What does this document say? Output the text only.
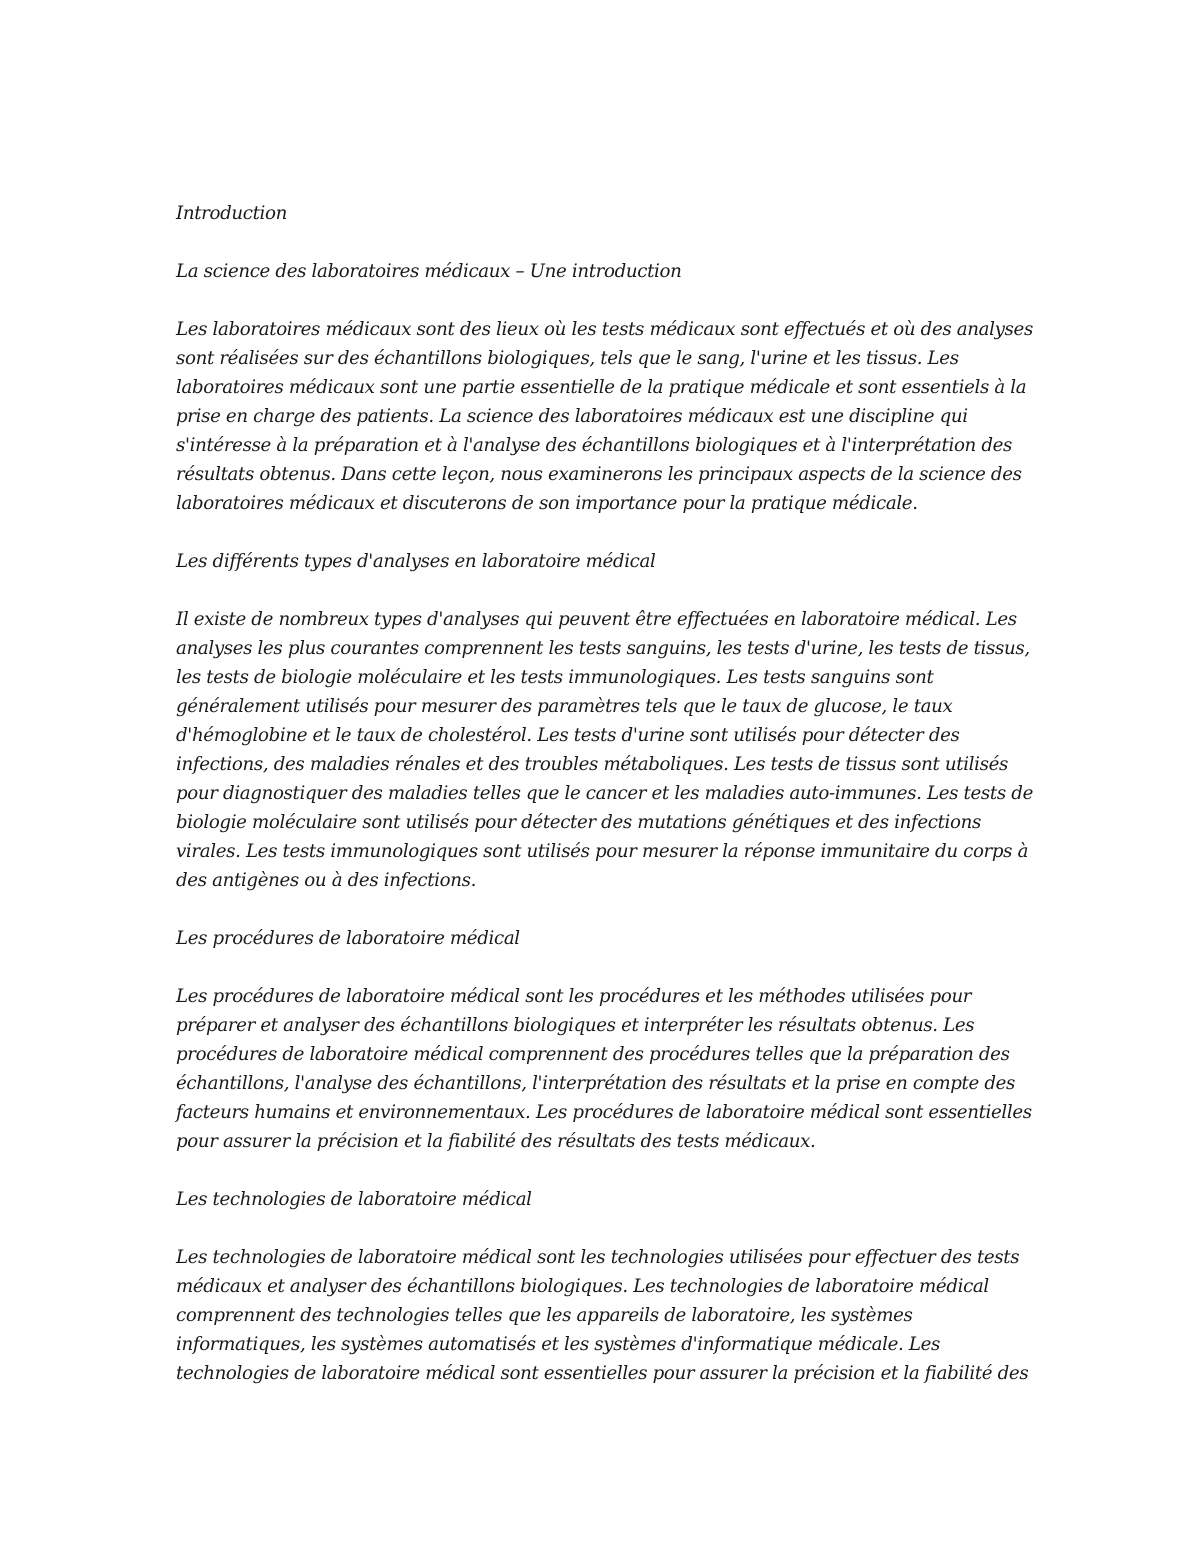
Introduction

La science des laboratoires médicaux – Une introduction

Les laboratoires médicaux sont des lieux où les tests médicaux sont effectués et où des analyses sont réalisées sur des échantillons biologiques, tels que le sang, l'urine et les tissus. Les laboratoires médicaux sont une partie essentielle de la pratique médicale et sont essentiels à la prise en charge des patients. La science des laboratoires médicaux est une discipline qui s'intéresse à la préparation et à l'analyse des échantillons biologiques et à l'interprétation des résultats obtenus. Dans cette leçon, nous examinerons les principaux aspects de la science des laboratoires médicaux et discuterons de son importance pour la pratique médicale.

Les différents types d'analyses en laboratoire médical

Il existe de nombreux types d'analyses qui peuvent être effectuées en laboratoire médical. Les analyses les plus courantes comprennent les tests sanguins, les tests d'urine, les tests de tissus, les tests de biologie moléculaire et les tests immunologiques. Les tests sanguins sont généralement utilisés pour mesurer des paramètres tels que le taux de glucose, le taux d'hémoglobine et le taux de cholestérol. Les tests d'urine sont utilisés pour détecter des infections, des maladies rénales et des troubles métaboliques. Les tests de tissus sont utilisés pour diagnostiquer des maladies telles que le cancer et les maladies auto-immunes. Les tests de biologie moléculaire sont utilisés pour détecter des mutations génétiques et des infections virales. Les tests immunologiques sont utilisés pour mesurer la réponse immunitaire du corps à des antigènes ou à des infections.

Les procédures de laboratoire médical

Les procédures de laboratoire médical sont les procédures et les méthodes utilisées pour préparer et analyser des échantillons biologiques et interpréter les résultats obtenus. Les procédures de laboratoire médical comprennent des procédures telles que la préparation des échantillons, l'analyse des échantillons, l'interprétation des résultats et la prise en compte des facteurs humains et environnementaux. Les procédures de laboratoire médical sont essentielles pour assurer la précision et la fiabilité des résultats des tests médicaux.

Les technologies de laboratoire médical

Les technologies de laboratoire médical sont les technologies utilisées pour effectuer des tests médicaux et analyser des échantillons biologiques. Les technologies de laboratoire médical comprennent des technologies telles que les appareils de laboratoire, les systèmes informatiques, les systèmes automatisés et les systèmes d'informatique médicale. Les technologies de laboratoire médical sont essentielles pour assurer la précision et la fiabilité des
